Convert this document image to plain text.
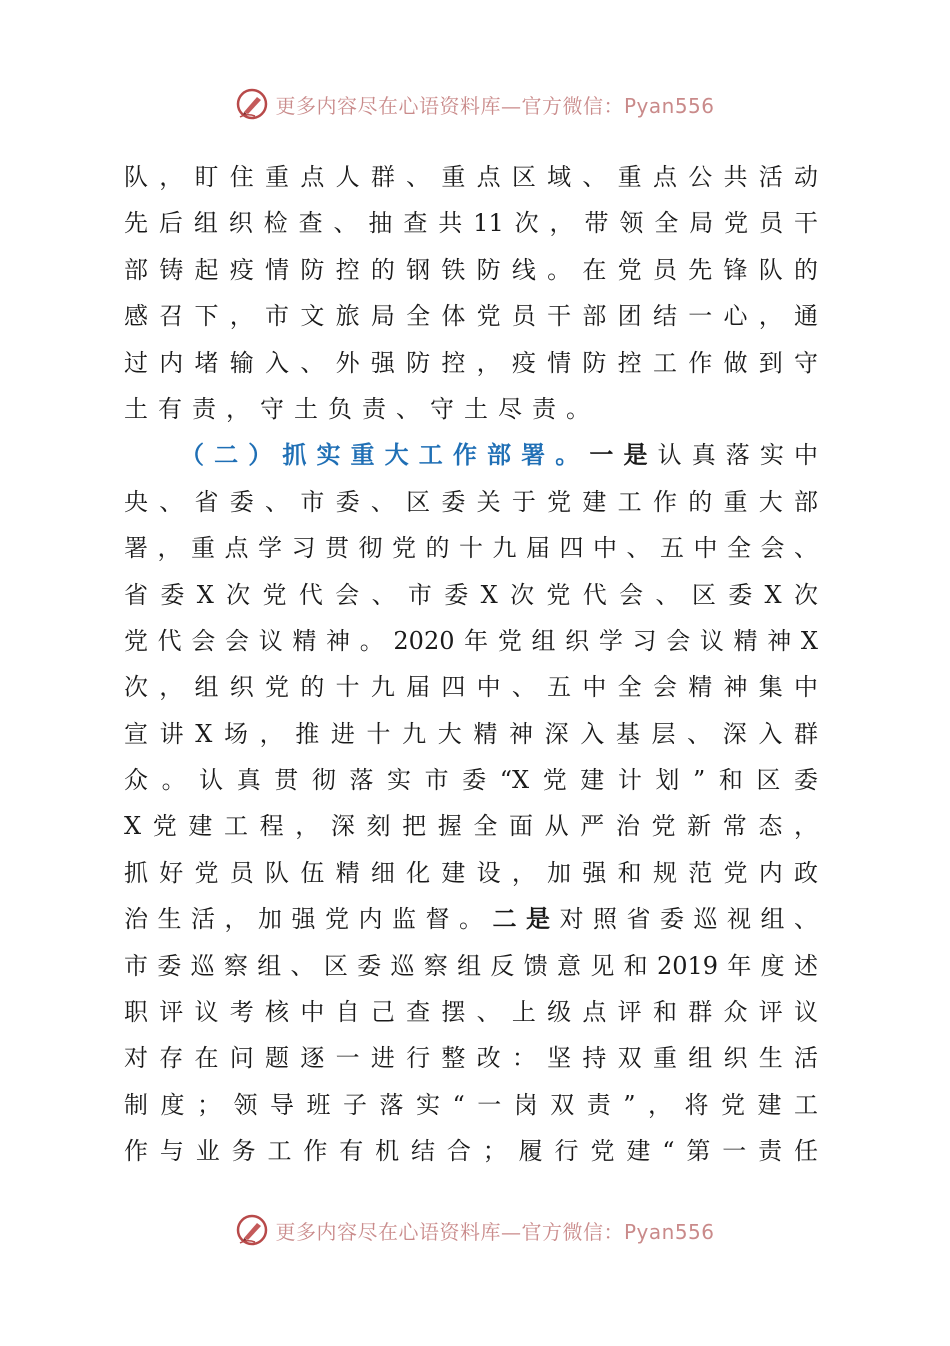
更多内容尽在心语资料库—官方微信：Pyan556
队，盯住重点人群、重点区域、重点公共活动
先后组织检查、抽查共11次，带领全局党员干
部铸起疫情防控的钢铁防线。在党员先锋队的
感召下，市文旅局全体党员干部团结一心，通
过内堵输入、外强防控，疫情防控工作做到守
土有责，守土负责、守土尽责。
（二）抓实重大工作部署。一是认真落实中
央、省委、市委、区委关于党建工作的重大部
署，重点学习贯彻党的十九届四中、五中全会、
省委X次党代会、市委X次党代会、区委X次
党代会会议精神。2020年党组织学习会议精神X
次，组织党的十九届四中、五中全会精神集中
宣讲X场，推进十九大精神深入基层、深入群
众。认真贯彻落实市委“X党建计划”和区委
X党建工程，深刻把握全面从严治党新常态，
抓好党员队伍精细化建设，加强和规范党内政
治生活，加强党内监督。二是对照省委巡视组、
市委巡察组、区委巡察组反馈意见和2019年度述
职评议考核中自己查摆、上级点评和群众评议
对存在问题逐一进行整改：坚持双重组织生活
制度；领导班子落实“一岗双责”，将党建工
作与业务工作有机结合；履行党建“第一责任
更多内容尽在心语资料库—官方微信：Pyan556
